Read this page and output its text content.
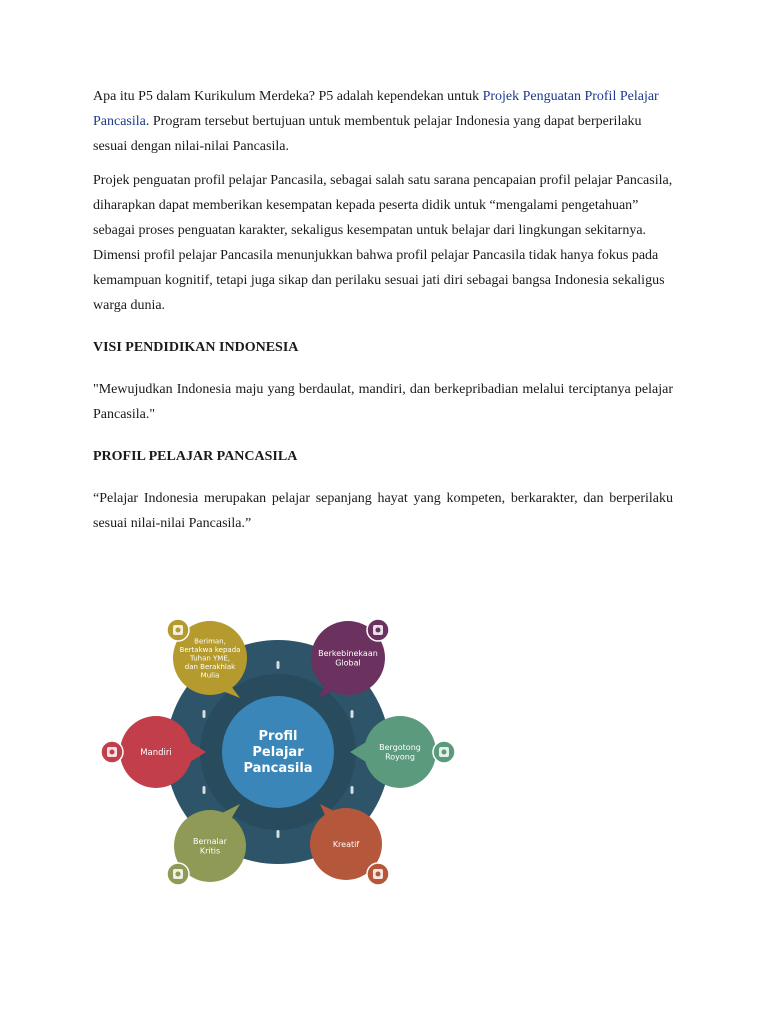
Apa itu P5 dalam Kurikulum Merdeka? P5 adalah kependekan untuk Projek Penguatan Profil Pelajar Pancasila. Program tersebut bertujuan untuk membentuk pelajar Indonesia yang dapat berperilaku sesuai dengan nilai-nilai Pancasila.

Projek penguatan profil pelajar Pancasila, sebagai salah satu sarana pencapaian profil pelajar Pancasila, diharapkan dapat memberikan kesempatan kepada peserta didik untuk “mengalami pengetahuan” sebagai proses penguatan karakter, sekaligus kesempatan untuk belajar dari lingkungan sekitarnya. Dimensi profil pelajar Pancasila menunjukkan bahwa profil pelajar Pancasila tidak hanya fokus pada kemampuan kognitif, tetapi juga sikap dan perilaku sesuai jati diri sebagai bangsa Indonesia sekaligus warga dunia.

VISI PENDIDIKAN INDONESIA

"Mewujudkan Indonesia maju yang berdaulat, mandiri, dan berkepribadian melalui terciptanya pelajar Pancasila."

PROFIL PELAJAR PANCASILA

“Pelajar Indonesia merupakan pelajar sepanjang hayat yang kompeten, berkarakter, dan berperilaku sesuai nilai-nilai Pancasila.”

Profil Pelajar Pancasila
Beriman, Bertakwa kepada Tuhan YME, dan Berakhlak Mulia
Berkebinekaan Global
Bergotong Royong
Kreatif
Bernalar Kritis
Mandiri
